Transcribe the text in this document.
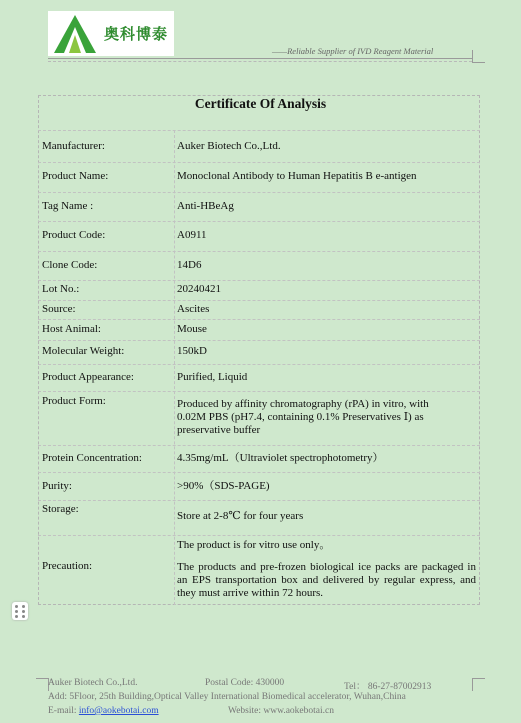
奥科博泰
——Reliable Supplier of IVD Reagent Material
Certificate Of Analysis
Manufacturer:	Auker Biotech Co.,Ltd.
Product Name:	Monoclonal Antibody to Human Hepatitis B e-antigen
Tag Name :	Anti-HBeAg
Product Code:	A0911
Clone Code:	14D6
Lot No.:	20240421
Source:	Ascites
Host Animal:	Mouse
Molecular Weight:	150kD
Product Appearance:	Purified, Liquid
Product Form:	Produced by affinity chromatography (rPA) in vitro, with 0.02M PBS (pH7.4, containing 0.1% Preservatives Ⅰ) as preservative buffer
Protein Concentration:	4.35mg/mL（Ultraviolet spectrophotometry）
Purity:	>90%（SDS-PAGE)
Storage:
Store at 2-8℃ for four years
Precaution:
The product is for vitro use only。
The products and pre-frozen biological ice packs are packaged in an EPS transportation box and delivered by regular express, and they must arrive within 72 hours.
Auker Biotech Co.,Ltd.	Postal Code: 430000	Tel： 86-27-87002913
Add: 5Floor, 25th Building,Optical Valley International Biomedical accelerator, Wuhan,China
E-mail: info@aokebotai.com	Website: www.aokebotai.cn
